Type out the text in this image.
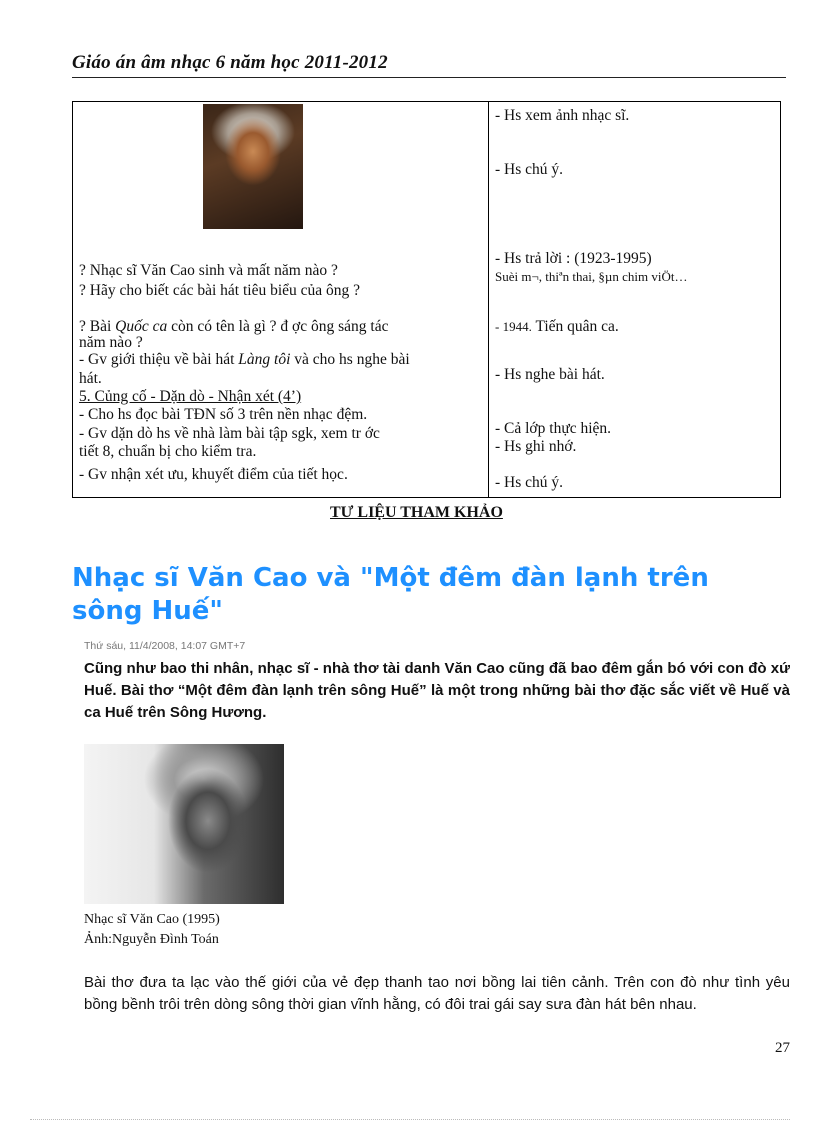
Giáo án âm nhạc 6 năm học 2011-2012
? Nhạc sĩ Văn Cao sinh và mất năm nào ?
? Hãy cho biết các bài hát tiêu biểu của ông ?
? Bài Quốc ca còn có tên là gì ? đ ợc ông sáng tác
năm nào ?
- Gv giới thiệu về bài hát Làng tôi và cho hs nghe bài
hát.
5. Củng cố - Dặn dò - Nhận xét (4’)
- Cho hs đọc bài TĐN số 3 trên nền nhạc đệm.
- Gv dặn dò hs về nhà làm bài tập sgk, xem tr ớc
tiết 8, chuẩn bị cho kiểm tra.
- Gv nhận xét ưu, khuyết điểm của tiết học.
- Hs xem ảnh nhạc sĩ.
- Hs chú ý.
- Hs trả lời : (1923-1995)
Suèi m¬, thiªn thai, §µn chim viÖt…
- 1944. Tiến quân ca.
- Hs nghe bài hát.
- Cả lớp thực hiện.
- Hs ghi nhớ.
- Hs chú ý.
TƯ LIỆU THAM KHẢO
Nhạc sĩ Văn Cao và "Một đêm đàn lạnh trên sông Huế"
Thứ sáu, 11/4/2008, 14:07 GMT+7
Cũng như bao thi nhân, nhạc sĩ - nhà thơ tài danh Văn Cao cũng đã bao đêm gắn bó với con đò xứ Huế. Bài thơ “Một đêm đàn lạnh trên sông Huế” là một trong những bài thơ đặc sắc viết về Huế và ca Huế trên Sông Hương.
Nhạc sĩ Văn Cao (1995)
Ảnh:Nguyễn Đình Toán
Bài thơ đưa ta lạc vào thế giới của vẻ đẹp thanh tao nơi bồng lai tiên cảnh. Trên con đò như tình yêu bồng bềnh trôi trên dòng sông thời gian vĩnh hằng, có đôi trai gái say sưa đàn hát bên nhau.
27
